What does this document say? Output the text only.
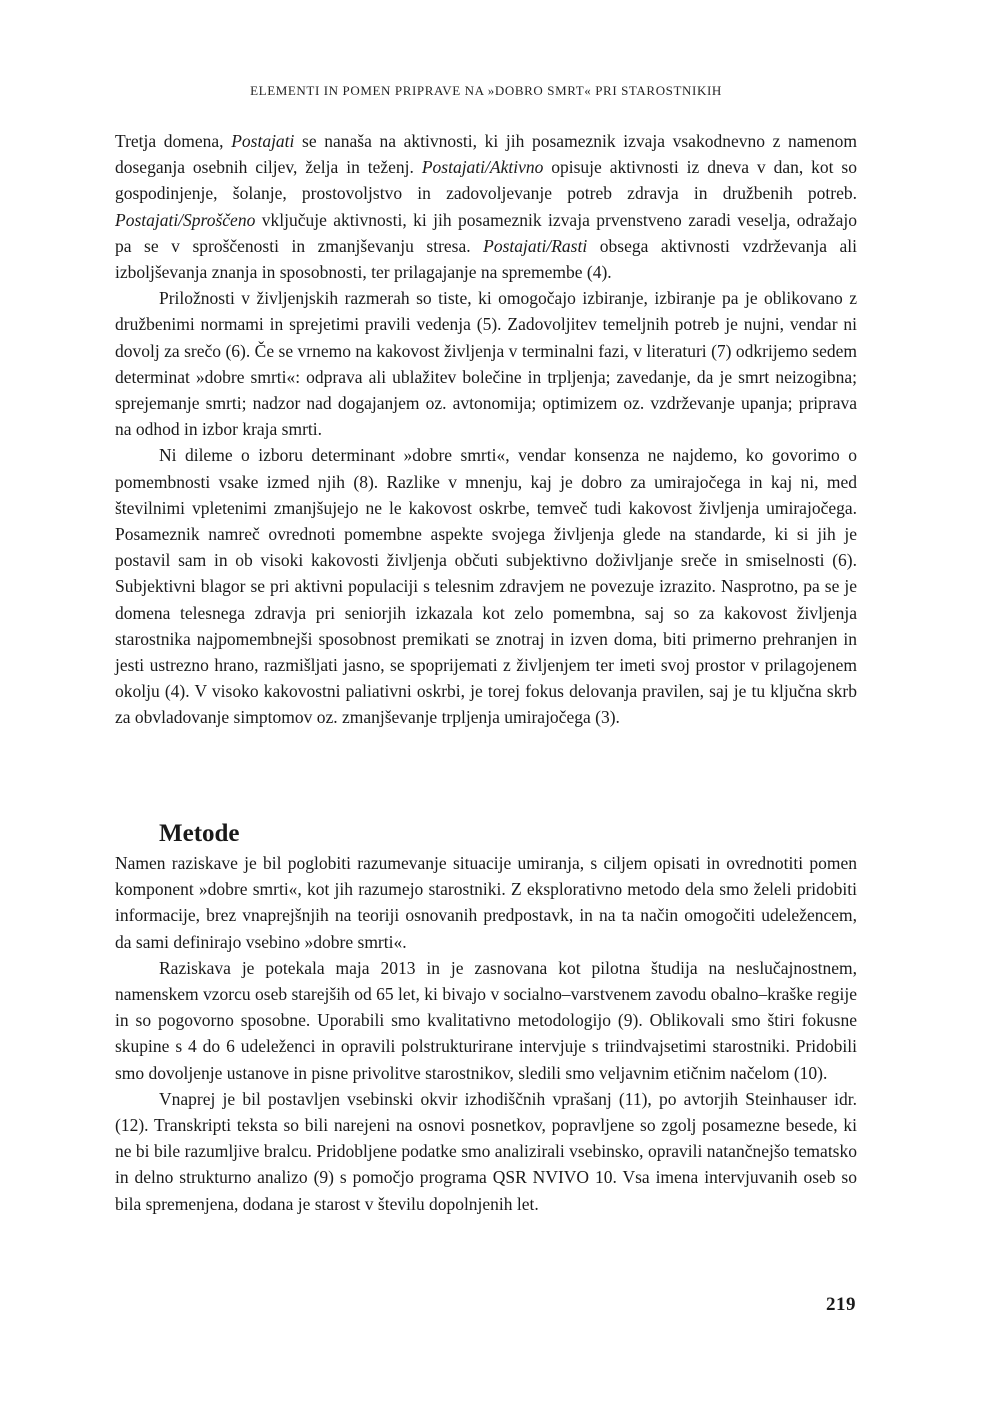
ELEMENTI IN POMEN PRIPRAVE NA »DOBRO SMRT« PRI STAROSTNIKIH

Tretja domena, Postajati se nanaša na aktivnosti, ki jih posameznik izvaja vsakodnevno z namenom doseganja osebnih ciljev, želja in teženj. Postajati/Aktivno opisuje aktivnosti iz dneva v dan, kot so gospodinjenje, šolanje, prostovoljstvo in zadovoljevanje potreb zdravja in družbenih potreb. Postajati/Sproščeno vključuje aktivnosti, ki jih posameznik izvaja prvenstveno zaradi veselja, odražajo pa se v sproščenosti in zmanjševanju stresa. Postajati/Rasti obsega aktivnosti vzdrževanja ali izboljševanja znanja in sposobnosti, ter prilagajanje na spremembe (4).

Priložnosti v življenjskih razmerah so tiste, ki omogočajo izbiranje, izbiranje pa je oblikovano z družbenimi normami in sprejetimi pravili vedenja (5). Zadovoljitev temeljnih potreb je nujni, vendar ni dovolj za srečo (6). Če se vrnemo na kakovost življenja v terminalni fazi, v literaturi (7) odkrijemo sedem determinat »dobre smrti«: odprava ali ublažitev bolečine in trpljenja; zavedanje, da je smrt neizogibna; sprejemanje smrti; nadzor nad dogajanjem oz. avtonomija; optimizem oz. vzdrževanje upanja; priprava na odhod in izbor kraja smrti.

Ni dileme o izboru determinant »dobre smrti«, vendar konsenza ne najdemo, ko govorimo o pomembnosti vsake izmed njih (8). Razlike v mnenju, kaj je dobro za umirajočega in kaj ni, med številnimi vpletenimi zmanjšujejo ne le kakovost oskrbe, temveč tudi kakovost življenja umirajočega. Posameznik namreč ovrednoti pomembne aspekte svojega življenja glede na standarde, ki si jih je postavil sam in ob visoki kakovosti življenja občuti subjektivno doživljanje sreče in smiselnosti (6). Subjektivni blagor se pri aktivni populaciji s telesnim zdravjem ne povezuje izrazito. Nasprotno, pa se je domena telesnega zdravja pri seniorjih izkazala kot zelo pomembna, saj so za kakovost življenja starostnika najpomembnejši sposobnost premikati se znotraj in izven doma, biti primerno prehranjen in jesti ustrezno hrano, razmišljati jasno, se spoprijemati z življenjem ter imeti svoj prostor v prilagojenem okolju (4). V visoko kakovostni paliativni oskrbi, je torej fokus delovanja pravilen, saj je tu ključna skrb za obvladovanje simptomov oz. zmanjševanje trpljenja umirajočega (3).

Metode

Namen raziskave je bil poglobiti razumevanje situacije umiranja, s ciljem opisati in ovrednotiti pomen komponent »dobre smrti«, kot jih razumejo starostniki. Z eksplorativno metodo dela smo želeli pridobiti informacije, brez vnaprejšnjih na teoriji osnovanih predpostavk, in na ta način omogočiti udeležencem, da sami definirajo vsebino »dobre smrti«.

Raziskava je potekala maja 2013 in je zasnovana kot pilotna študija na neslučajnostnem, namenskem vzorcu oseb starejših od 65 let, ki bivajo v socialno–varstvenem zavodu obalno–kraške regije in so pogovorno sposobne. Uporabili smo kvalitativno metodologijo (9). Oblikovali smo štiri fokusne skupine s 4 do 6 udeleženci in opravili polstrukturirane intervjuje s triindvajsetimi starostniki. Pridobili smo dovoljenje ustanove in pisne privolitve starostnikov, sledili smo veljavnim etičnim načelom (10).

Vnaprej je bil postavljen vsebinski okvir izhodiščnih vprašanj (11), po avtorjih Steinhauser idr. (12). Transkripti teksta so bili narejeni na osnovi posnetkov, popravljene so zgolj posamezne besede, ki ne bi bile razumljive bralcu. Pridobljene podatke smo analizirali vsebinsko, opravili natančnejšo tematsko in delno strukturno analizo (9) s pomočjo programa QSR NVIVO 10. Vsa imena intervjuvanih oseb so bila spremenjena, dodana je starost v številu dopolnjenih let.

219
